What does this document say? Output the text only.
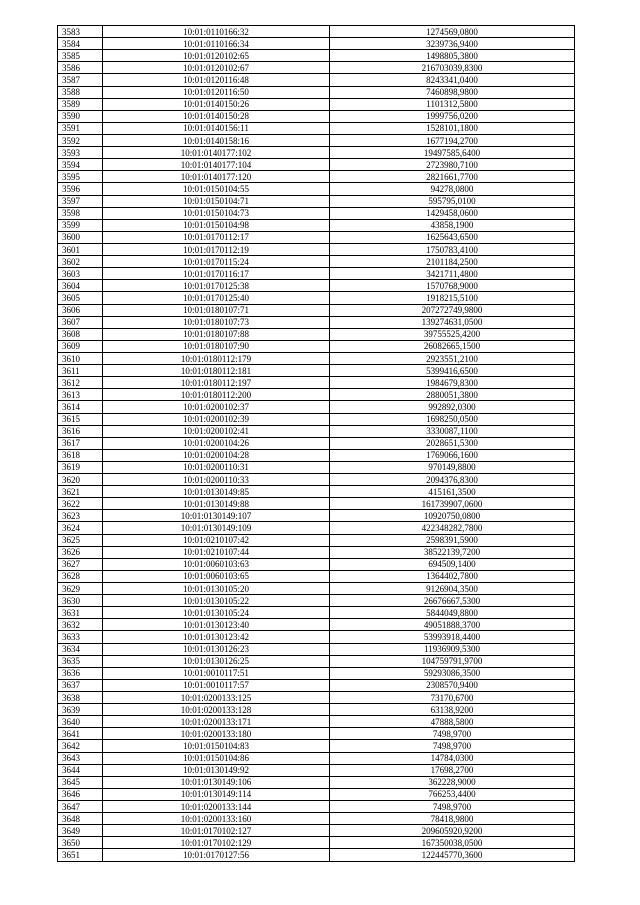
3583	10:01:0110166:32	1274569,0800
3584	10:01:0110166:34	3239736,9400
3585	10:01:0120102:65	1498805,3800
3586	10:01:0120102:67	216703039,8300
3587	10:01:0120116:48	8243341,0400
3588	10:01:0120116:50	7460898,9800
3589	10:01:0140150:26	1101312,5800
3590	10:01:0140150:28	1999756,0200
3591	10:01:0140156:11	1528101,1800
3592	10:01:0140158:16	1677194,2700
3593	10:01:0140177:102	19497585,6400
3594	10:01:0140177:104	2723980,7100
3595	10:01:0140177:120	2821661,7700
3596	10:01:0150104:55	94278,0800
3597	10:01:0150104:71	595795,0100
3598	10:01:0150104:73	1429458,0600
3599	10:01:0150104:98	43858,1900
3600	10:01:0170112:17	1625643,6500
3601	10:01:0170112:19	1750783,4100
3602	10:01:0170115:24	2101184,2500
3603	10:01:0170116:17	3421711,4800
3604	10:01:0170125:38	1570768,9000
3605	10:01:0170125:40	1918215,5100
3606	10:01:0180107:71	207272749,9800
3607	10:01:0180107:73	139274631,0500
3608	10:01:0180107:88	39755525,4200
3609	10:01:0180107:90	26082665,1500
3610	10:01:0180112:179	2923551,2100
3611	10:01:0180112:181	5399416,6500
3612	10:01:0180112:197	1984679,8300
3613	10:01:0180112:200	2880051,3800
3614	10:01:0200102:37	992892,0300
3615	10:01:0200102:39	1698250,0500
3616	10:01:0200102:41	3330087,1100
3617	10:01:0200104:26	2028651,5300
3618	10:01:0200104:28	1769066,1600
3619	10:01:0200110:31	970149,8800
3620	10:01:0200110:33	2094376,8300
3621	10:01:0130149:85	415161,3500
3622	10:01:0130149:88	161739907,0600
3623	10:01:0130149:107	10920750,0800
3624	10:01:0130149:109	422348282,7800
3625	10:01:0210107:42	2598391,5900
3626	10:01:0210107:44	38522139,7200
3627	10:01:0060103:63	694509,1400
3628	10:01:0060103:65	1364402,7800
3629	10:01:0130105:20	9126904,3500
3630	10:01:0130105:22	26676667,5300
3631	10:01:0130105:24	5844049,8800
3632	10:01:0130123:40	49051888,3700
3633	10:01:0130123:42	53993918,4400
3634	10:01:0130126:23	11936909,5300
3635	10:01:0130126:25	104759791,9700
3636	10:01:0010117:51	59293086,3500
3637	10:01:0010117:57	2308570,9400
3638	10:01:0200133:125	73170,6700
3639	10:01:0200133:128	63138,9200
3640	10:01:0200133:171	47888,5800
3641	10:01:0200133:180	7498,9700
3642	10:01:0150104:83	7498,9700
3643	10:01:0150104:86	14784,0300
3644	10:01:0130149:92	17698,2700
3645	10:01:0130149:106	362228,9000
3646	10:01:0130149:114	766253,4400
3647	10:01:0200133:144	7498,9700
3648	10:01:0200133:160	78418,9800
3649	10:01:0170102:127	209605920,9200
3650	10:01:0170102:129	167350038,0500
3651	10:01:0170127:56	122445770,3600
